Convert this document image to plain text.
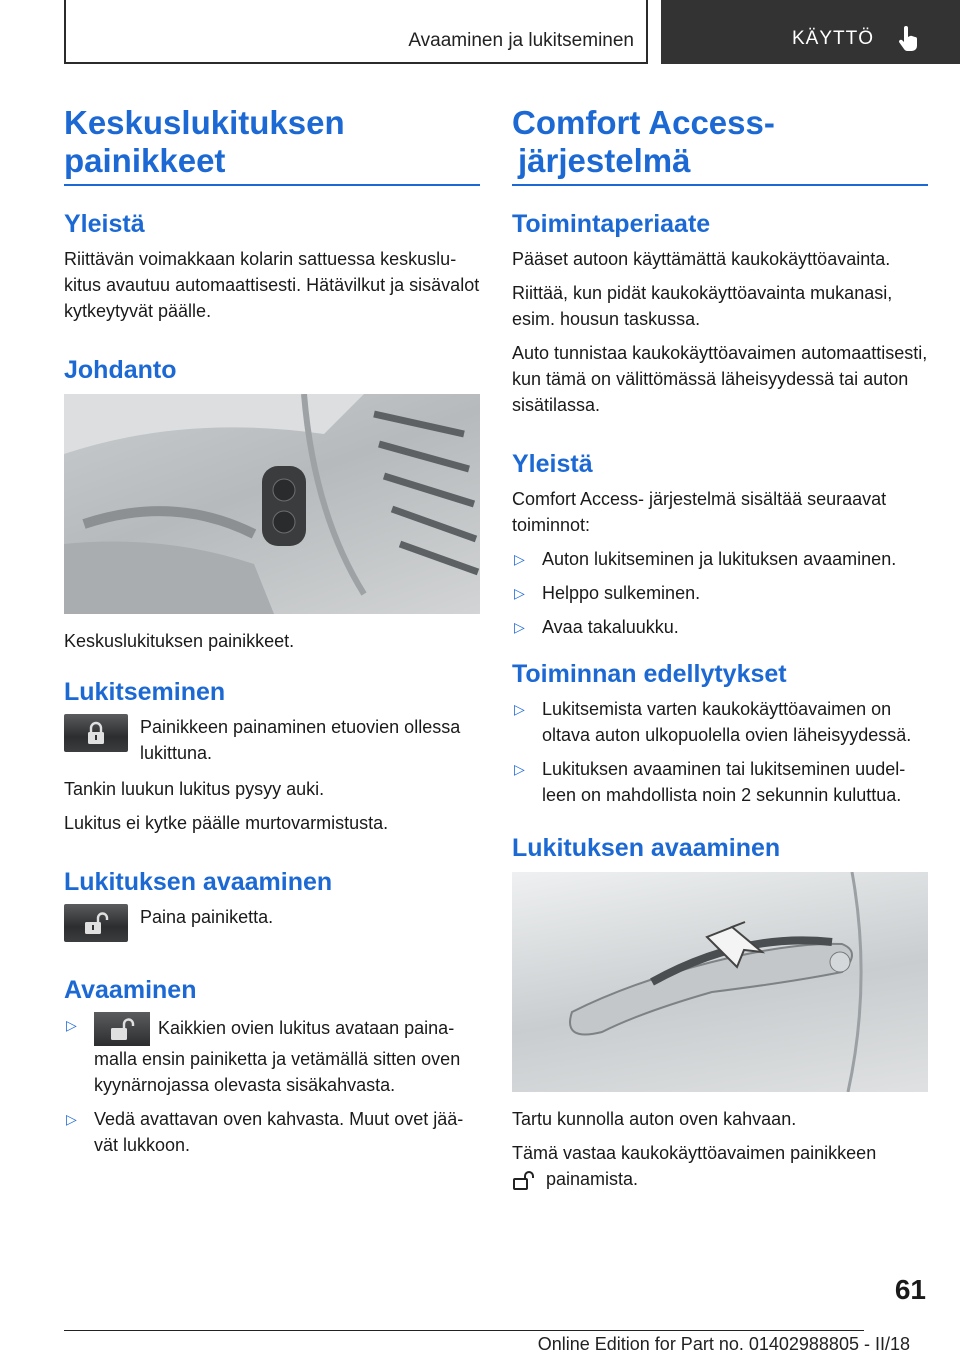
Avaaminen ja lukitseminen	KÄYTTÖ
Keskuslukituksen painikkeet
Yleistä
Riittävän voimakkaan kolarin sattuessa keskuslukitus avautuu automaattisesti. Hätävilkut ja sisävalot kytkeytyvät päälle.
Johdanto
Keskuslukituksen painikkeet.
Lukitseminen
Painikkeen painaminen etuovien ollessa lukittuna.
Tankin luukun lukitus pysyy auki.
Lukitus ei kytke päälle murtovarmistusta.
Lukituksen avaaminen
Paina painiketta.
Avaaminen
▷	Kaikkien ovien lukitus avataan painamalla ensin painiketta ja vetämällä sitten oven kyynärnojassa olevasta sisäkahvasta.
▷ Vedä avattavan oven kahvasta. Muut ovet jäävät lukkoon.
Comfort Access-
järjestelmä
Toimintaperiaate
Pääset autoon käyttämättä kaukokäyttöavainta.
Riittää, kun pidät kaukokäyttöavainta mukanasi, esim. housun taskussa.
Auto tunnistaa kaukokäyttöavaimen automaattisesti, kun tämä on välittömässä läheisyydessä tai auton sisätilassa.
Yleistä
Comfort Access- järjestelmä sisältää seuraavat toiminnot:
▷ Auton lukitseminen ja lukituksen avaaminen.
▷ Helppo sulkeminen.
▷ Avaa takaluukku.
Toiminnan edellytykset
▷ Lukitsemista varten kaukokäyttöavaimen on oltava auton ulkopuolella ovien läheisyydessä.
▷ Lukituksen avaaminen tai lukitseminen uudelleen on mahdollista noin 2 sekunnin kuluttua.
Lukituksen avaaminen
Tartu kunnolla auton oven kahvaan.
Tämä vastaa kaukokäyttöavaimen painikkeen
painamista.
61
Online Edition for Part no. 01402988805 - II/18
